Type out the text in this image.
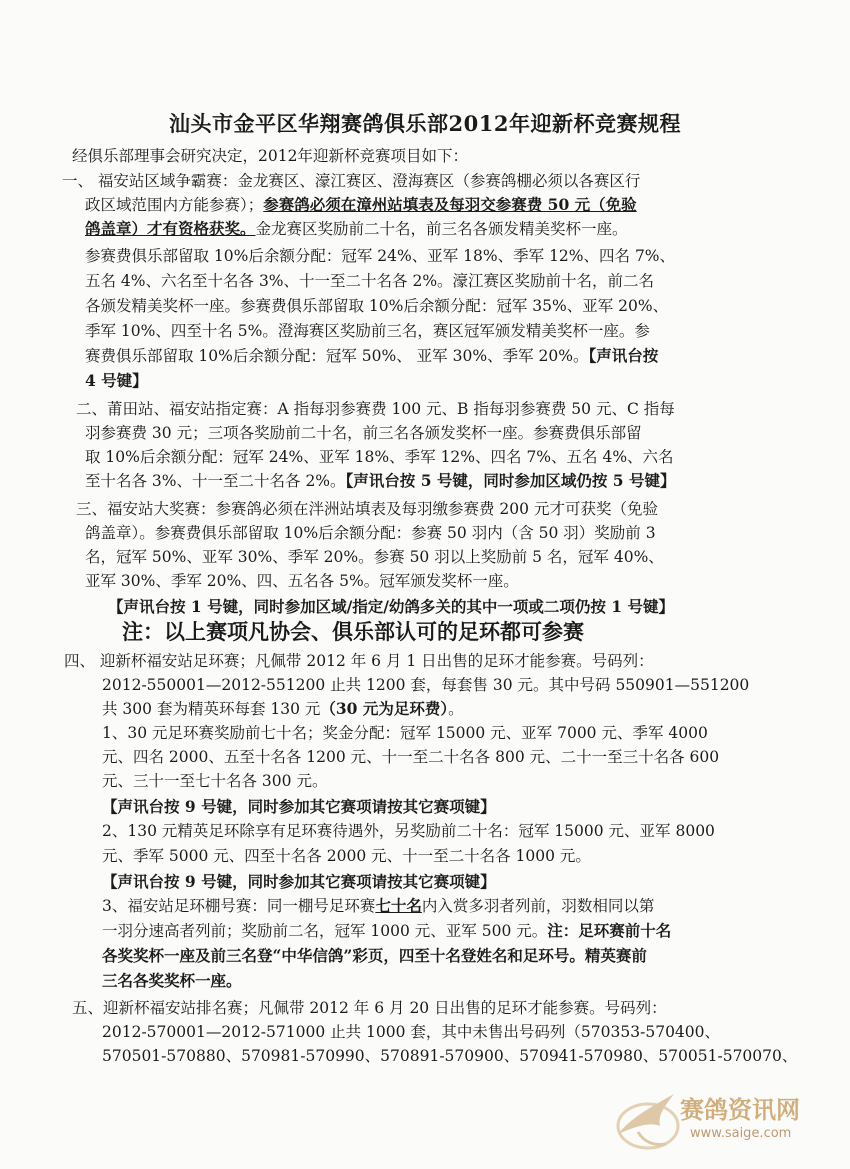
汕头市金平区华翔赛鸽俱乐部2012年迎新杯竞赛规程
经俱乐部理事会研究决定，2012年迎新杯竞赛项目如下：
一、 福安站区域争霸赛：金龙赛区、濠江赛区、澄海赛区（参赛鸽棚必须以各赛区行
政区域范围内方能参赛）；参赛鸽必须在漳州站填表及每羽交参赛费 50 元（免验
鸽盖章）才有资格获奖。金龙赛区奖励前二十名，前三名各颁发精美奖杯一座。
参赛费俱乐部留取 10%后余额分配：冠军 24%、亚军 18%、季军 12%、四名 7%、
五名 4%、六名至十名各 3%、十一至二十名各 2%。濠江赛区奖励前十名，前二名
各颁发精美奖杯一座。参赛费俱乐部留取 10%后余额分配：冠军 35%、亚军 20%、
季军 10%、四至十名 5%。澄海赛区奖励前三名，赛区冠军颁发精美奖杯一座。参
赛费俱乐部留取 10%后余额分配：冠军 50%、 亚军 30%、季军 20%。【声讯台按
4 号键】
二、莆田站、福安站指定赛：A 指每羽参赛费 100 元、B 指每羽参赛费 50 元、C 指每
羽参赛费 30 元；三项各奖励前二十名，前三名各颁发奖杯一座。参赛费俱乐部留
取 10%后余额分配：冠军 24%、亚军 18%、季军 12%、四名 7%、五名 4%、六名
至十名各 3%、十一至二十名各 2%。【声讯台按 5 号键，同时参加区域仍按 5 号键】
三、福安站大奖赛：参赛鸽必须在泮洲站填表及每羽缴参赛费 200 元才可获奖（免验
鸽盖章）。参赛费俱乐部留取 10%后余额分配：参赛 50 羽内（含 50 羽）奖励前 3
名，冠军 50%、亚军 30%、季军 20%。参赛 50 羽以上奖励前 5 名，冠军 40%、
亚军 30%、季军 20%、四、五名各 5%。冠军颁发奖杯一座。
【声讯台按 1 号键，同时参加区域/指定/幼鸽多关的其中一项或二项仍按 1 号键】
注：以上赛项凡协会、俱乐部认可的足环都可参赛
四、 迎新杯福安站足环赛；凡佩带 2012 年 6 月 1 日出售的足环才能参赛。号码列：
2012-550001—2012-551200 止共 1200 套，每套售 30 元。其中号码 550901—551200
共 300 套为精英环每套 130 元（30 元为足环费）。
1、30 元足环赛奖励前七十名；奖金分配：冠军 15000 元、亚军 7000 元、季军 4000
元、四名 2000、五至十名各 1200 元、十一至二十名各 800 元、二十一至三十名各 600
元、三十一至七十名各 300 元。
【声讯台按 9 号键，同时参加其它赛项请按其它赛项键】
2、130 元精英足环除享有足环赛待遇外，另奖励前二十名：冠军 15000 元、亚军 8000
元、季军 5000 元、四至十名各 2000 元、十一至二十名各 1000 元。
【声讯台按 9 号键，同时参加其它赛项请按其它赛项键】
3、福安站足环棚号赛：同一棚号足环赛七十名内入赏多羽者列前，羽数相同以第
一羽分速高者列前；奖励前二名，冠军 1000 元、亚军 500 元。注：足环赛前十名
各奖奖杯一座及前三名登“中华信鸽”彩页，四至十名登姓名和足环号。精英赛前
三名各奖奖杯一座。
五、迎新杯福安站排名赛；凡佩带 2012 年 6 月 20 日出售的足环才能参赛。号码列：
2012-570001—2012-571000 止共 1000 套，其中未售出号码列（570353-570400、
570501-570880、570981-570990、570891-570900、570941-570980、570051-570070、
赛鸽资讯网
www.saige.com
